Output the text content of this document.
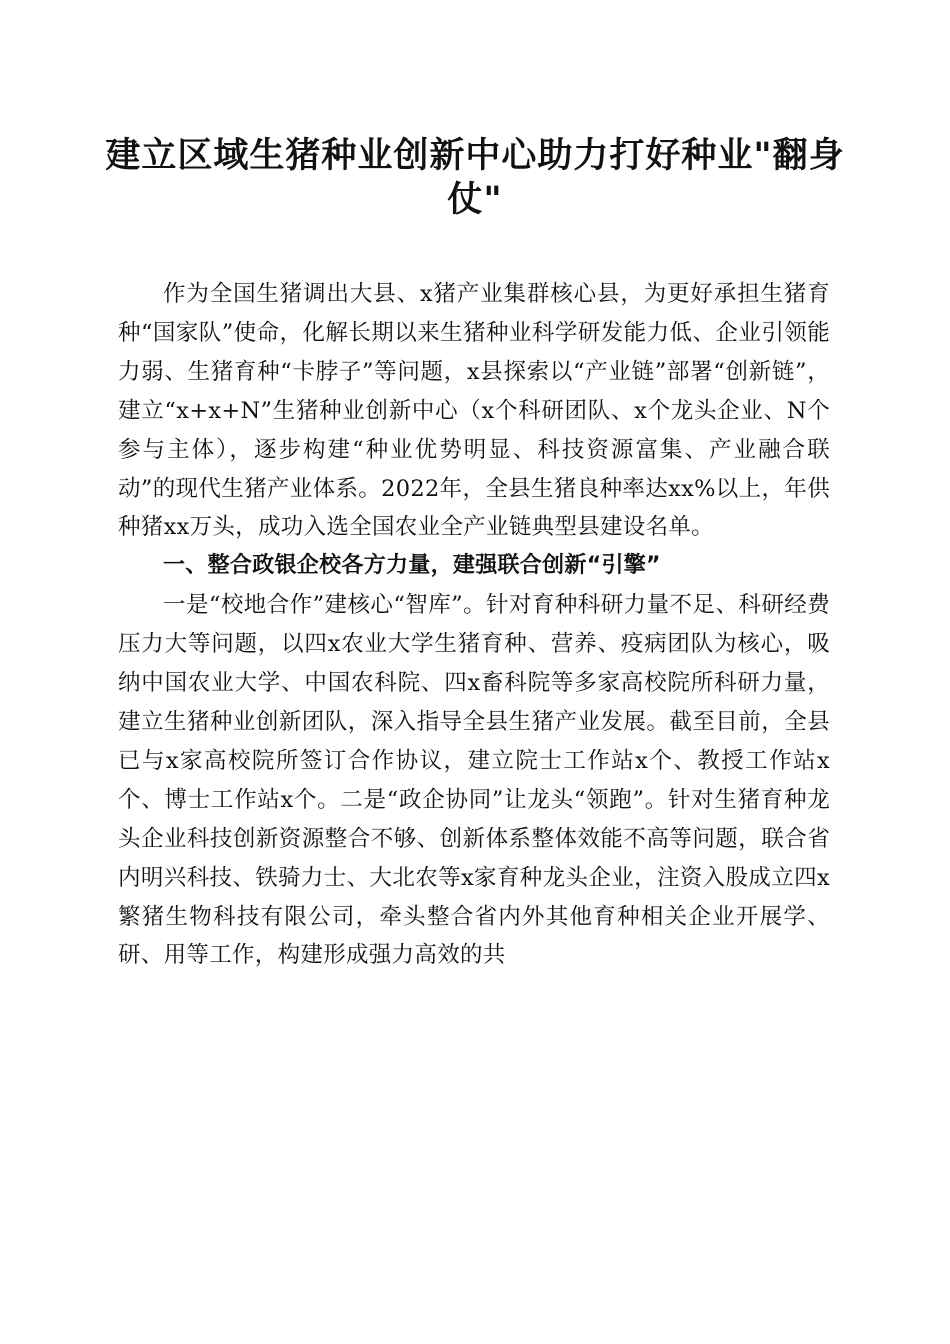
建立区域生猪种业创新中心助力打好种业"翻身仗"

作为全国生猪调出大县、x猪产业集群核心县，为更好承担生猪育种“国家队”使命，化解长期以来生猪种业科学研发能力低、企业引领能力弱、生猪育种“卡脖子”等问题，x县探索以“产业链”部署“创新链”，建立“x+x+N”生猪种业创新中心（x个科研团队、x个龙头企业、N个参与主体），逐步构建“种业优势明显、科技资源富集、产业融合联动”的现代生猪产业体系。2022年，全县生猪良种率达xx%以上，年供种猪xx万头，成功入选全国农业全产业链典型县建设名单。

一、整合政银企校各方力量，建强联合创新“引擎”

一是“校地合作”建核心“智库”。针对育种科研力量不足、科研经费压力大等问题，以四x农业大学生猪育种、营养、疫病团队为核心，吸纳中国农业大学、中国农科院、四x畜科院等多家高校院所科研力量，建立生猪种业创新团队，深入指导全县生猪产业发展。截至目前，全县已与x家高校院所签订合作协议，建立院士工作站x个、教授工作站x个、博士工作站x个。二是“政企协同”让龙头“领跑”。针对生猪育种龙头企业科技创新资源整合不够、创新体系整体效能不高等问题，联合省内明兴科技、铁骑力士、大北农等x家育种龙头企业，注资入股成立四x繁猪生物科技有限公司，牵头整合省内外其他育种相关企业开展学、研、用等工作，构建形成强力高效的共
